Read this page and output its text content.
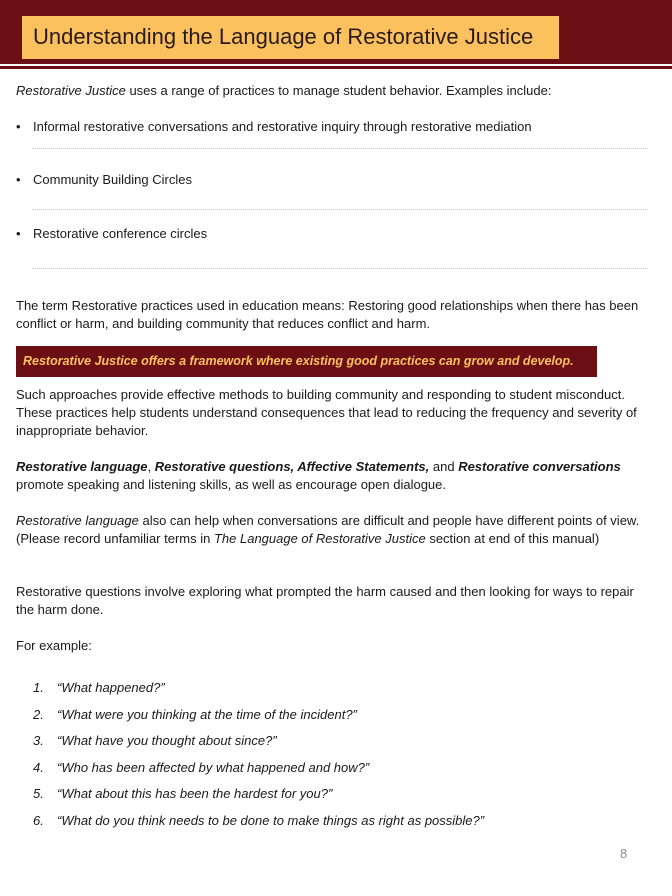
Understanding the Language of Restorative Justice

Restorative Justice uses a range of practices to manage student behavior. Examples include:

• Informal restorative conversations and restorative inquiry through restorative mediation
• Community Building Circles
• Restorative conference circles

The term Restorative practices used in education means: Restoring good relationships when there has been conflict or harm, and building community that reduces conflict and harm.

Restorative Justice offers a framework where existing good practices can grow and develop.

Such approaches provide effective methods to building community and responding to student misconduct. These practices help students understand consequences that lead to reducing the frequency and severity of inappropriate behavior.

Restorative language, Restorative questions, Affective Statements, and Restorative conversations promote speaking and listening skills, as well as encourage open dialogue.

Restorative language also can help when conversations are difficult and people have different points of view. (Please record unfamiliar terms in The Language of Restorative Justice section at end of this manual)

Restorative questions involve exploring what prompted the harm caused and then looking for ways to repair the harm done.

For example:

1. “What happened?”
2. “What were you thinking at the time of the incident?”
3. “What have you thought about since?”
4. “Who has been affected by what happened and how?”
5. “What about this has been the hardest for you?”
6. “What do you think needs to be done to make things as right as possible?”
8
